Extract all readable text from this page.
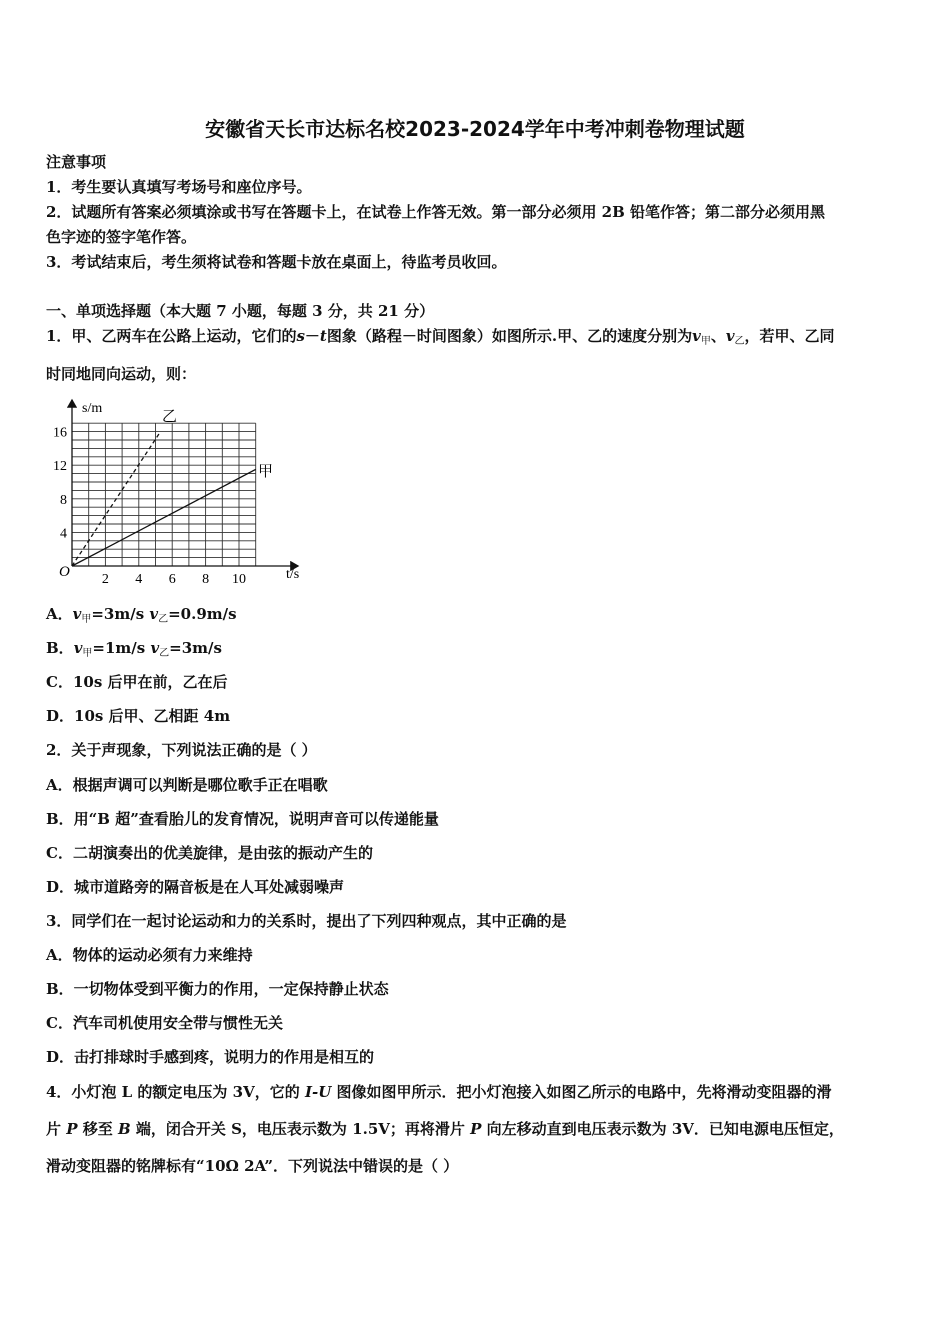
安徽省天长市达标名校2023-2024学年中考冲刺卷物理试题
注意事项
1．考生要认真填写考场号和座位序号。
2．试题所有答案必须填涂或书写在答题卡上，在试卷上作答无效。第一部分必须用 2B 铅笔作答；第二部分必须用黑
色字迹的签字笔作答。
3．考试结束后，考生须将试卷和答题卡放在桌面上，待监考员收回。
一、单项选择题（本大题 7 小题，每题 3 分，共 21 分）
1．甲、乙两车在公路上运动，它们的s－t图象（路程－时间图象）如图所示.甲、乙的速度分别为$v_甲$、$v_乙$，若甲、乙同
时同地同向运动，则：
2 4 6 8 10
4
8
12
16
s/m
t/s
O
乙
甲
A．$v_甲=3m/s$ $v_乙=0.9m/s$
B．$v_甲=1m/s$ $v_乙=3m/s$
C．10s 后甲在前，乙在后
D．10s 后甲、乙相距 4m
2．关于声现象，下列说法正确的是（ ）
A．根据声调可以判断是哪位歌手正在唱歌
B．用“B 超”查看胎儿的发育情况，说明声音可以传递能量
C．二胡演奏出的优美旋律，是由弦的振动产生的
D．城市道路旁的隔音板是在人耳处减弱噪声
3．同学们在一起讨论运动和力的关系时，提出了下列四种观点，其中正确的是
A．物体的运动必须有力来维持
B．一切物体受到平衡力的作用，一定保持静止状态
C．汽车司机使用安全带与惯性无关
D．击打排球时手感到疼，说明力的作用是相互的
4．小灯泡 L 的额定电压为 3V，它的 I-U 图像如图甲所示．把小灯泡接入如图乙所示的电路中，先将滑动变阻器的滑
片 P 移至 B 端，闭合开关 S，电压表示数为 1.5V；再将滑片 P 向左移动直到电压表示数为 3V．已知电源电压恒定，
滑动变阻器的铭牌标有“10Ω 2A”．下列说法中错误的是（ ）
